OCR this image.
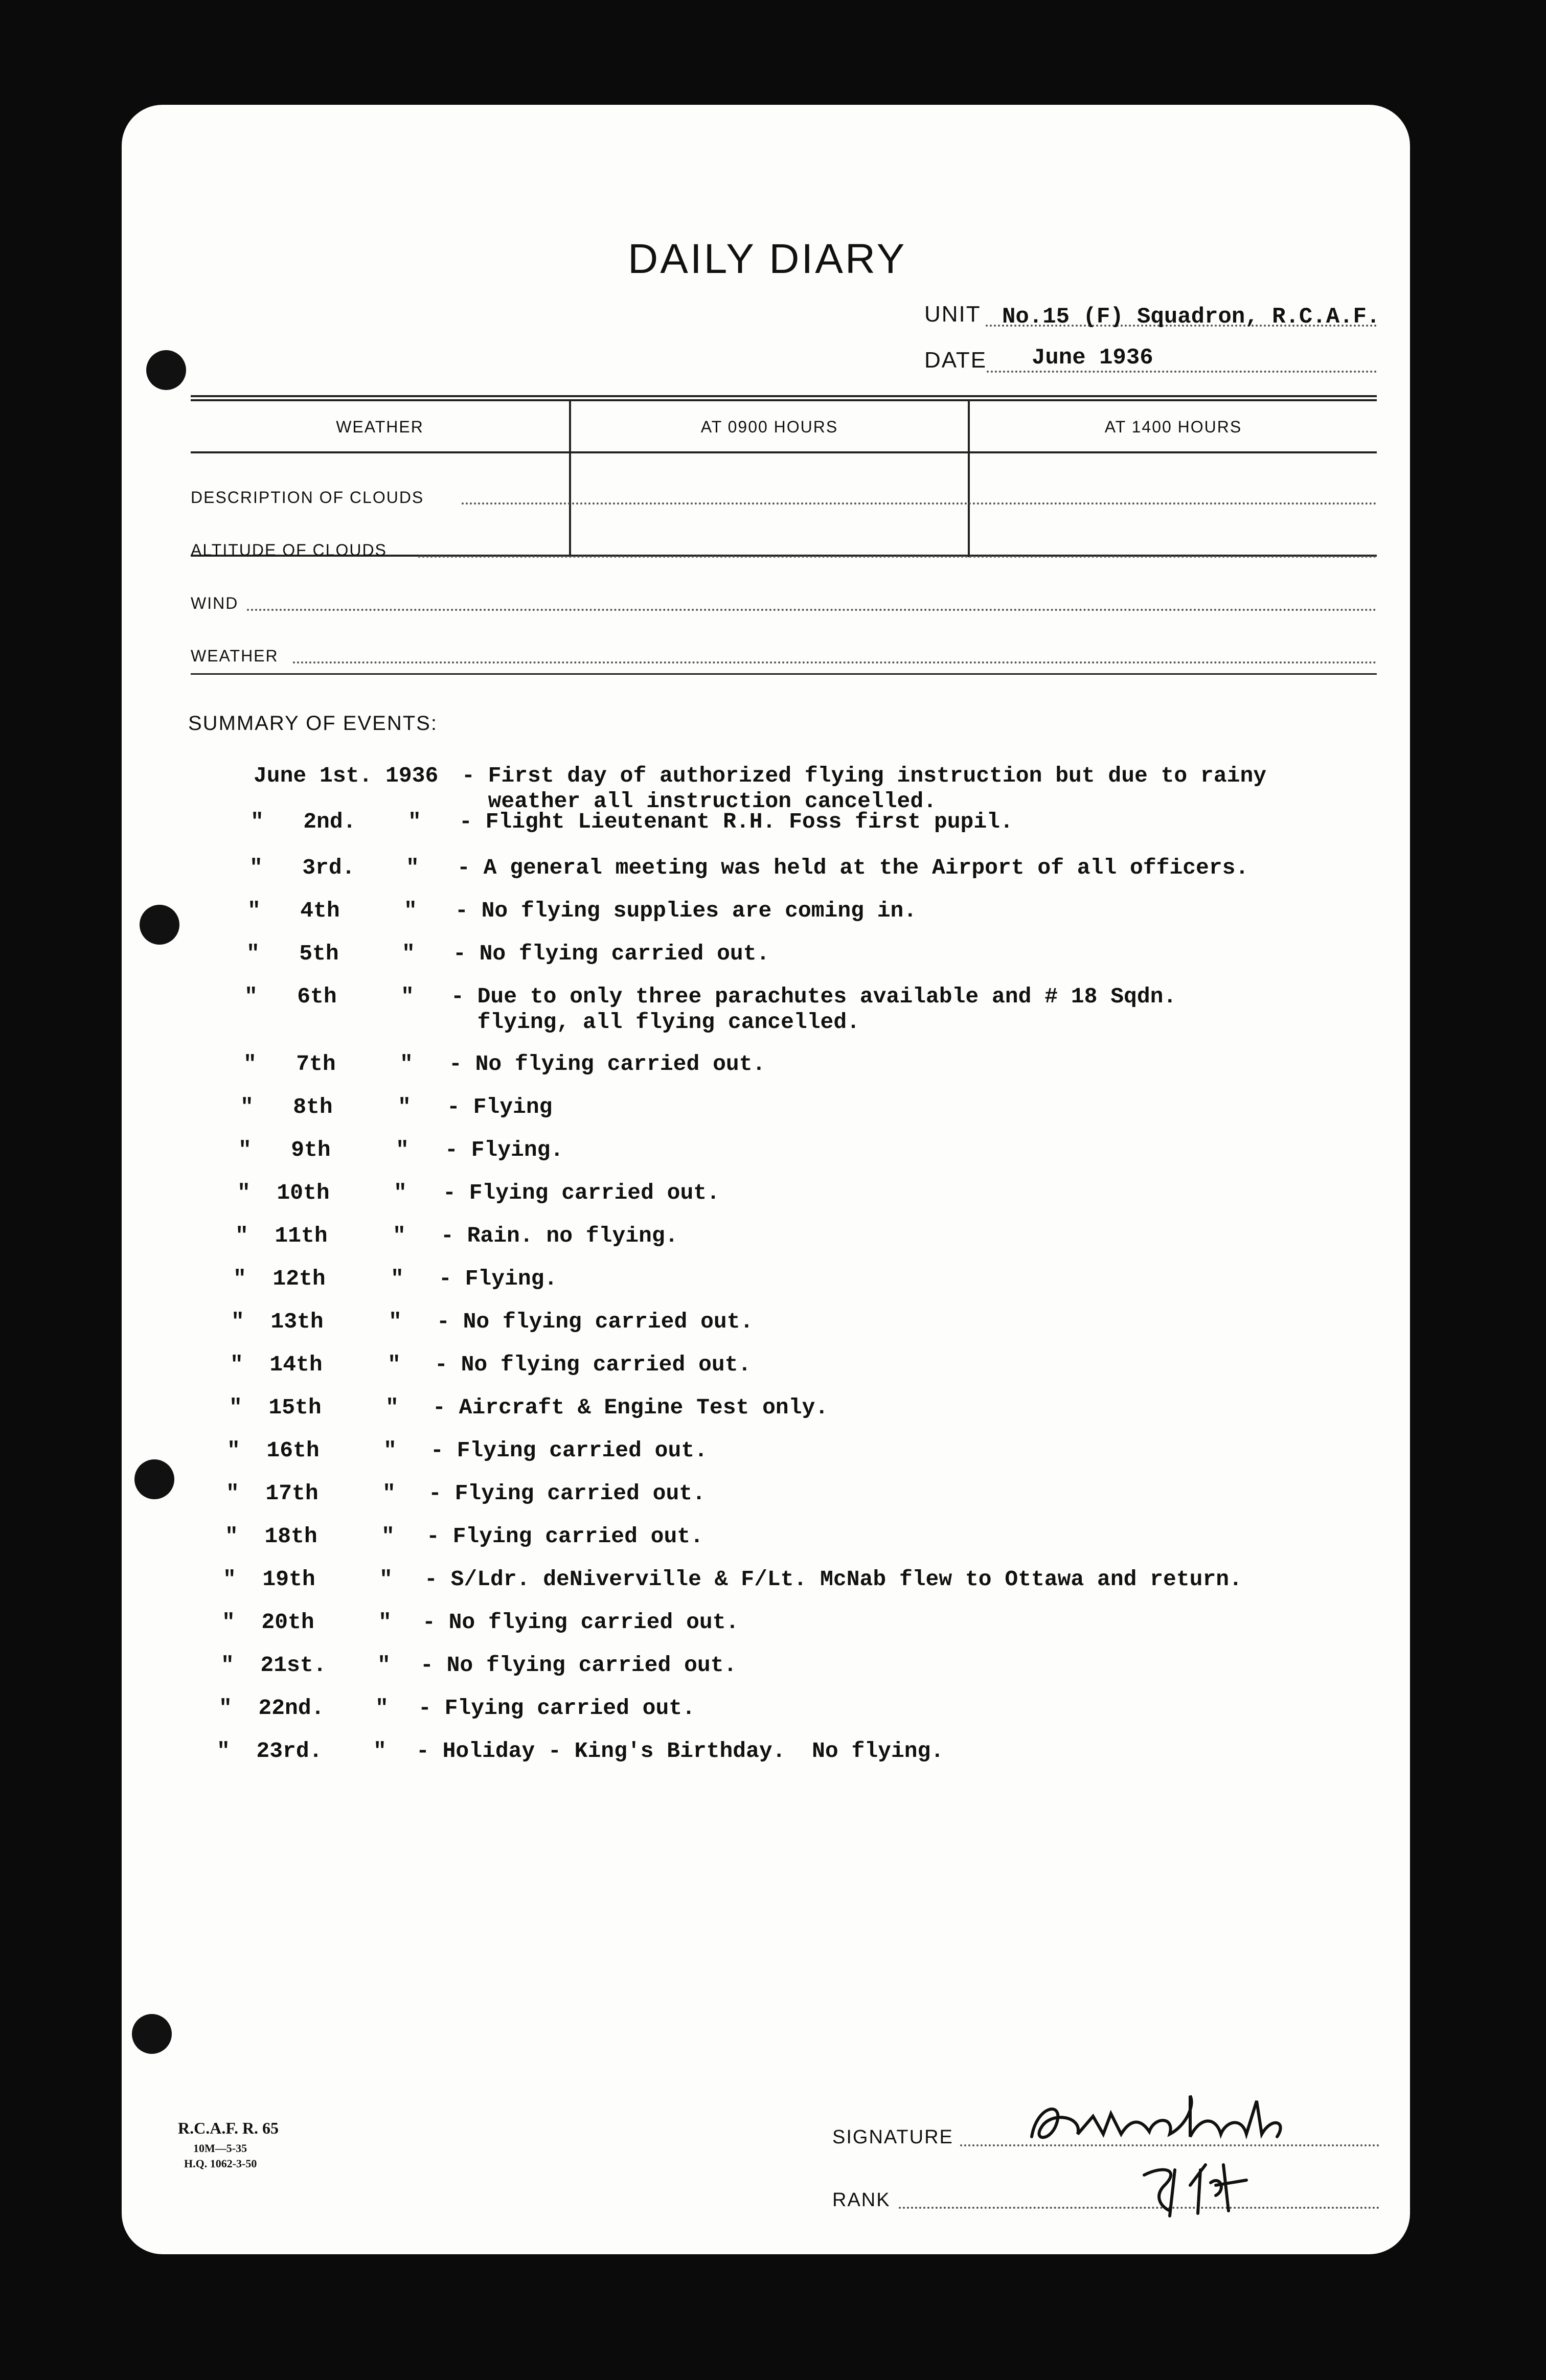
DAILY DIARY
UNIT No.15 (F) Squadron, R.C.A.F.
DATE June 1936
WEATHER	AT 0900 HOURS	AT 1400 HOURS
DESCRIPTION OF CLOUDS
ALTITUDE OF CLOUDS
WIND
WEATHER
SUMMARY OF EVENTS:
June 1st. 1936 - First day of authorized flying instruction but due to rainy
weather all instruction cancelled.
"   2nd. " - Flight Lieutenant R.H. Foss first pupil.
"   3rd. " - A general meeting was held at the Airport of all officers.
"   4th	" - No flying supplies are coming in.
"   5th	" - No flying carried out.
"   6th	" - Due to only three parachutes available and # 18 Sqdn.
flying, all flying cancelled.
"   7th	" - No flying carried out.
"   8th	" - Flying
"   9th	" - Flying.
"  10th	" - Flying carried out.
"  11th	" - Rain. no flying.
"  12th	" - Flying.
"  13th	" - No flying carried out.
"  14th	" - No flying carried out.
"  15th	" - Aircraft & Engine Test only.
"  16th	" - Flying carried out.
"  17th	" - Flying carried out.
"  18th	" - Flying carried out.
"  19th	" - S/Ldr. deNiverville & F/Lt. McNab flew to Ottawa and return.
"  20th	" - No flying carried out.
"  21st. " - No flying carried out.
"  22nd. " - Flying carried out.
"  23rd. " - Holiday - King's Birthday.  No flying.
R.C.A.F. R. 65
10M—5-35
H.Q. 1062-3-50
SIGNATURE
RANK
